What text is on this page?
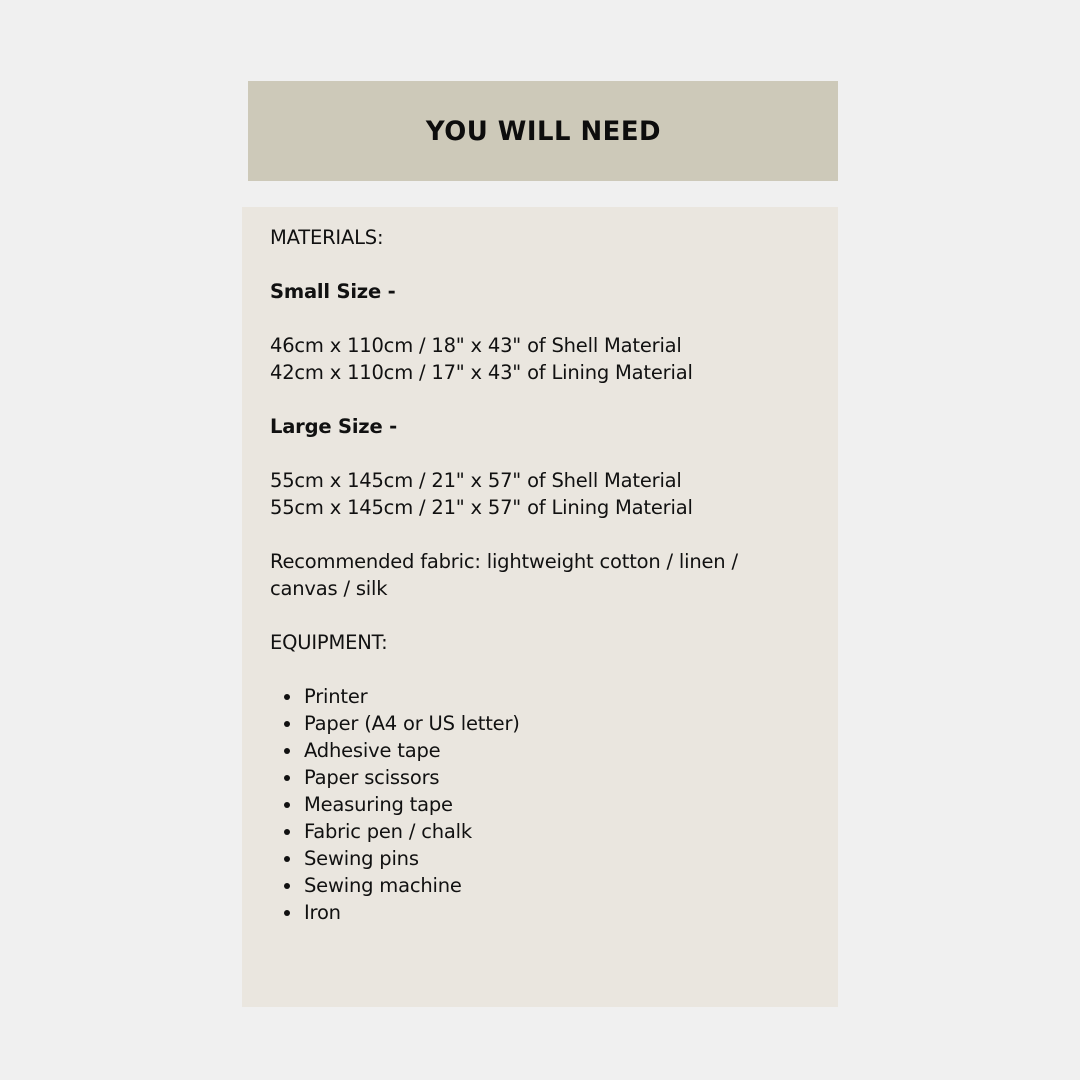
YOU WILL NEED

MATERIALS:

Small Size -

46cm x 110cm / 18" x 43" of Shell Material

42cm x 110cm / 17" x 43" of Lining Material

Large Size -

55cm x 145cm / 21" x 57" of Shell Material

55cm x 145cm / 21" x 57" of Lining Material

Recommended fabric: lightweight cotton / linen / canvas / silk

EQUIPMENT:

Printer
Paper (A4 or US letter)
Adhesive tape
Paper scissors
Measuring tape
Fabric pen / chalk
Sewing pins
Sewing machine
Iron
